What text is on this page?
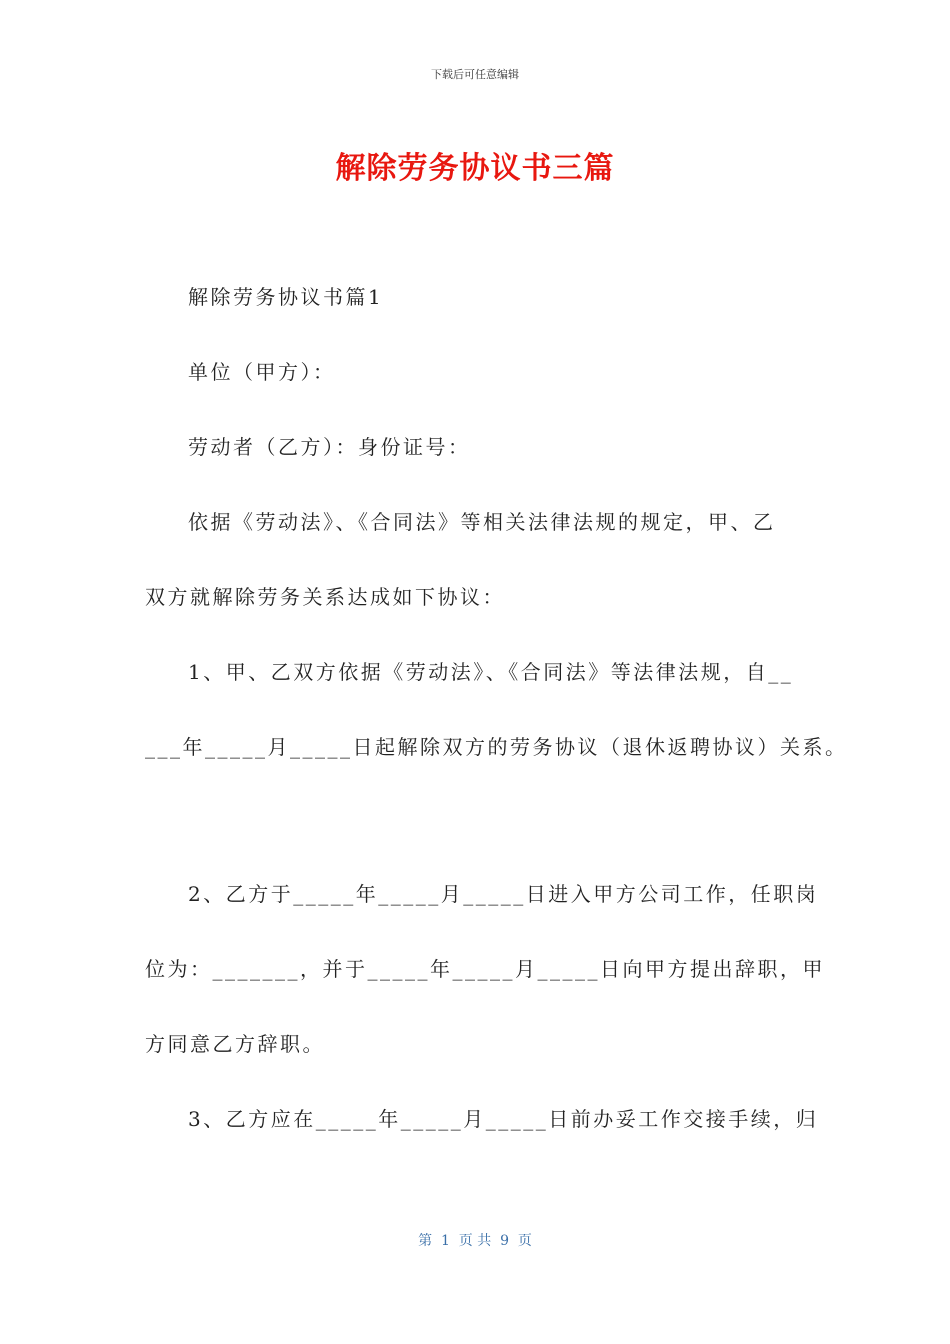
下载后可任意编辑
解除劳务协议书三篇
解除劳务协议书篇1
单位（甲方）：
劳动者（乙方）：身份证号：
依据《劳动法》、《合同法》等相关法律法规的规定，甲、乙
双方就解除劳务关系达成如下协议：
1、甲、乙双方依据《劳动法》、《合同法》等法律法规，自__
___年_____月_____日起解除双方的劳务协议（退休返聘协议）关系。
2、乙方于_____年_____月_____日进入甲方公司工作，任职岗
位为：_______，并于_____年_____月_____日向甲方提出辞职，甲
方同意乙方辞职。
3、乙方应在_____年_____月_____日前办妥工作交接手续，归
第  1  页 共  9  页
